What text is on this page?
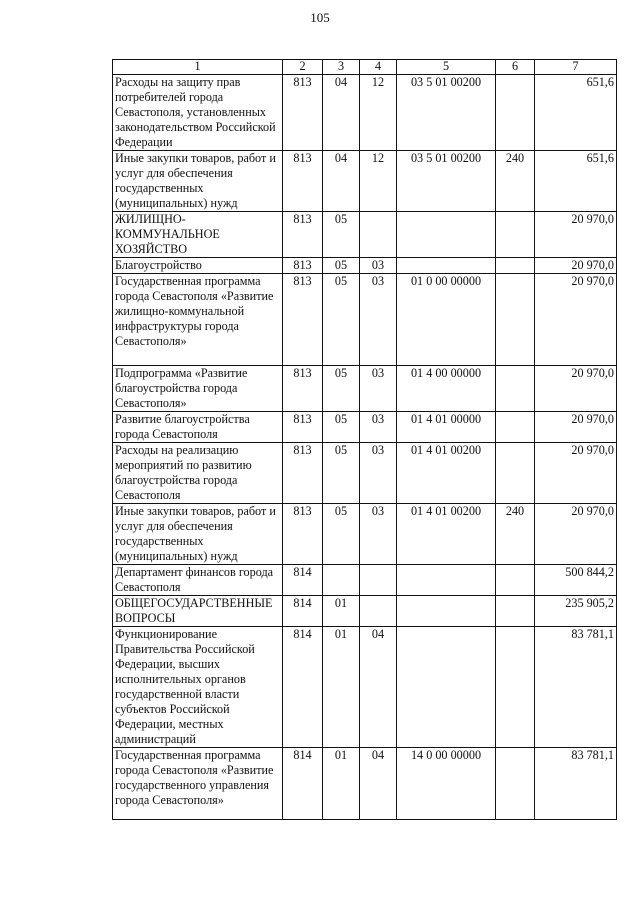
105
1	2	3	4	5	6	7
Расходы на защиту прав потребителей города Севастополя, установленных законодательством Российской Федерации	813	04	12	03 5 01 00200		651,6
Иные закупки товаров, работ и услуг для обеспечения государственных (муниципальных) нужд	813	04	12	03 5 01 00200	240	651,6
ЖИЛИЩНО-КОММУНАЛЬНОЕ ХОЗЯЙСТВО	813	05				20 970,0
Благоустройство	813	05	03			20 970,0
Государственная программа города Севастополя «Развитие жилищно-коммунальной инфраструктуры города Севастополя»	813	05	03	01 0 00 00000		20 970,0
Подпрограмма «Развитие благоустройства города Севастополя»	813	05	03	01 4 00 00000		20 970,0
Развитие благоустройства города Севастополя	813	05	03	01 4 01 00000		20 970,0
Расходы на реализацию мероприятий по развитию благоустройства города Севастополя	813	05	03	01 4 01 00200		20 970,0
Иные закупки товаров, работ и услуг для обеспечения государственных (муниципальных) нужд	813	05	03	01 4 01 00200	240	20 970,0
Департамент финансов города Севастополя	814					500 844,2
ОБЩЕГОСУДАРСТВЕННЫЕ ВОПРОСЫ	814	01				235 905,2
Функционирование Правительства Российской Федерации, высших исполнительных органов государственной власти субъектов Российской Федерации, местных администраций	814	01	04			83 781,1
Государственная программа города Севастополя «Развитие государственного управления города Севастополя»	814	01	04	14 0 00 00000		83 781,1
